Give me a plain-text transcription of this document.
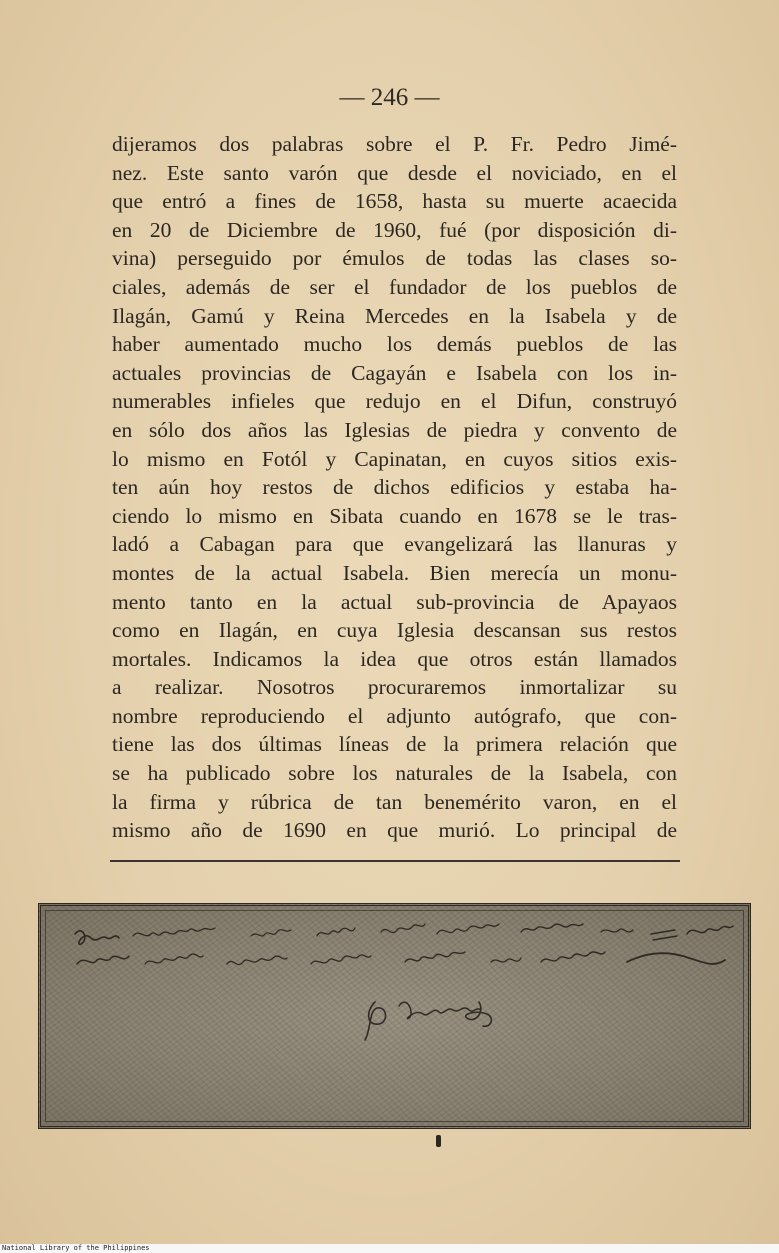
— 246 —
dijeramos dos palabras sobre el P. Fr. Pedro Jimé-
nez. Este santo varón que desde el noviciado, en el
que entró a fines de 1658, hasta su muerte acaecida
en 20 de Diciembre de 1960, fué (por disposición di-
vina) perseguido por émulos de todas las clases so-
ciales, además de ser el fundador de los pueblos de
Ilagán, Gamú y Reina Mercedes en la Isabela y de
haber aumentado mucho los demás pueblos de las
actuales provincias de Cagayán e Isabela con los in-
numerables infieles que redujo en el Difun, construyó
en sólo dos años las Iglesias de piedra y convento de
lo mismo en Fotól y Capinatan, en cuyos sitios exis-
ten aún hoy restos de dichos edificios y estaba ha-
ciendo lo mismo en Sibata cuando en 1678 se le tras-
ladó a Cabagan para que evangelizará las llanuras y
montes de la actual Isabela. Bien merecía un monu-
mento tanto en la actual sub-provincia de Apayaos
como en Ilagán, en cuya Iglesia descansan sus restos
mortales. Indicamos la idea que otros están llamados
a realizar. Nosotros procuraremos inmortalizar su
nombre reproduciendo el adjunto autógrafo, que con-
tiene las dos últimas líneas de la primera relación que
se ha publicado sobre los naturales de la Isabela, con
la firma y rúbrica de tan benemérito varon, en el
mismo año de 1690 en que murió. Lo principal de
National Library of the Philippines
